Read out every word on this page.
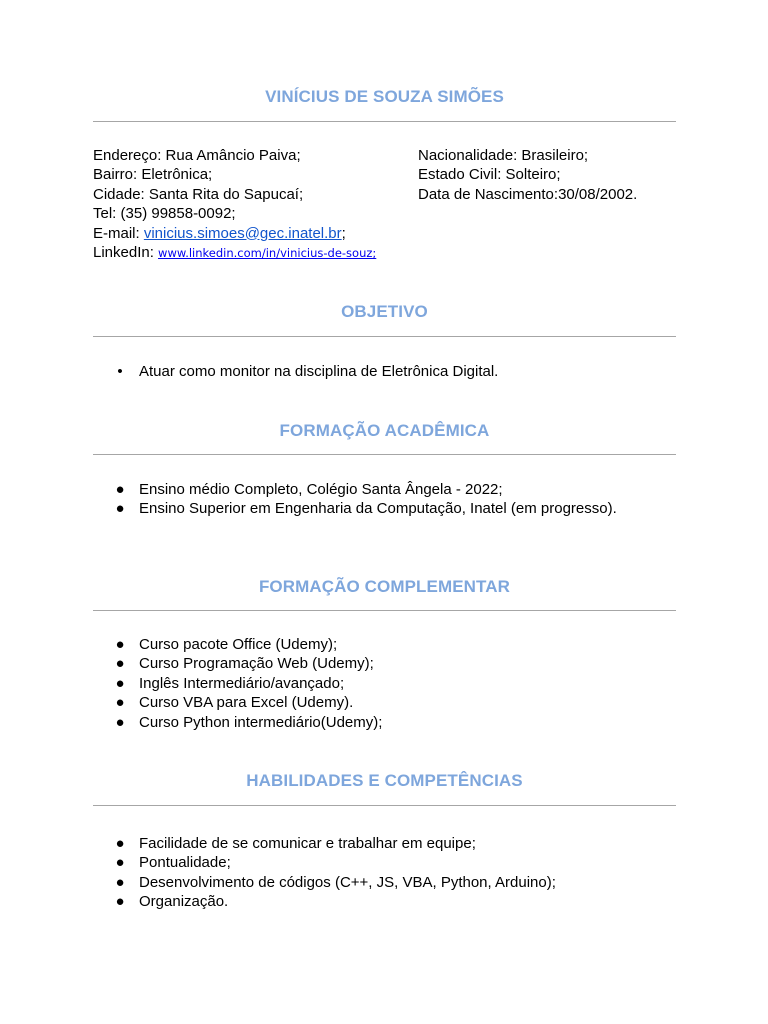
VINÍCIUS DE SOUZA SIMÕES
Endereço: Rua Amâncio Paiva;
Bairro: Eletrônica;
Cidade: Santa Rita do Sapucaí;
Tel: (35) 99858-0092;
E-mail: vinicius.simoes@gec.inatel.br;
LinkedIn: www.linkedin.com/in/vinicius-de-souz;
Nacionalidade: Brasileiro;
Estado Civil: Solteiro;
Data de Nascimento:30/08/2002.
OBJETIVO
• Atuar como monitor na disciplina de Eletrônica Digital.
FORMAÇÃO ACADÊMICA
● Ensino médio Completo, Colégio Santa Ângela - 2022;
● Ensino Superior em Engenharia da Computação, Inatel (em progresso).
FORMAÇÃO COMPLEMENTAR
● Curso pacote Office (Udemy);
● Curso Programação Web (Udemy);
● Inglês Intermediário/avançado;
● Curso VBA para Excel (Udemy).
● Curso Python intermediário(Udemy);
HABILIDADES E COMPETÊNCIAS
● Facilidade de se comunicar e trabalhar em equipe;
● Pontualidade;
● Desenvolvimento de códigos (C++, JS, VBA, Python, Arduino);
● Organização.
